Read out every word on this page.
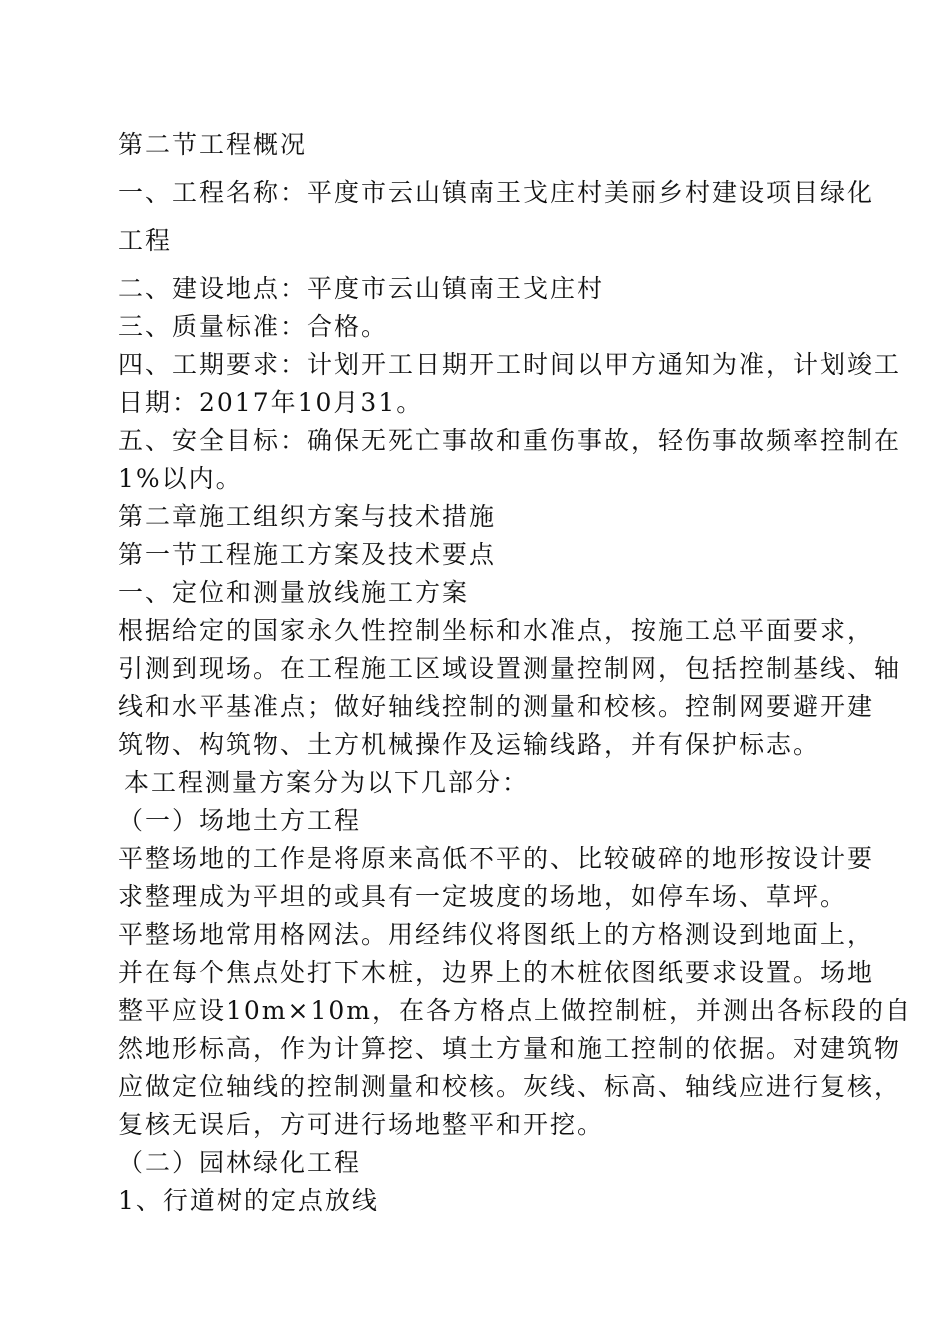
第二节工程概况
一、工程名称：平度市云山镇南王戈庄村美丽乡村建设项目绿化
工程
二、建设地点：平度市云山镇南王戈庄村
三、质量标准：合格。
四、工期要求：计划开工日期开工时间以甲方通知为准，计划竣工
日期：2017年10月31。
五、安全目标：确保无死亡事故和重伤事故，轻伤事故频率控制在
1%以内。
第二章施工组织方案与技术措施
第一节工程施工方案及技术要点
一、定位和测量放线施工方案
根据给定的国家永久性控制坐标和水准点，按施工总平面要求，
引测到现场。在工程施工区域设置测量控制网，包括控制基线、轴
线和水平基准点；做好轴线控制的测量和校核。控制网要避开建
筑物、构筑物、土方机械操作及运输线路，并有保护标志。
本工程测量方案分为以下几部分：
（一）场地土方工程
平整场地的工作是将原来高低不平的、比较破碎的地形按设计要
求整理成为平坦的或具有一定坡度的场地，如停车场、草坪。
平整场地常用格网法。用经纬仪将图纸上的方格测设到地面上，
并在每个焦点处打下木桩，边界上的木桩依图纸要求设置。场地
整平应设10m×10m，在各方格点上做控制桩，并测出各标段的自
然地形标高，作为计算挖、填土方量和施工控制的依据。对建筑物
应做定位轴线的控制测量和校核。灰线、标高、轴线应进行复核，
复核无误后，方可进行场地整平和开挖。
（二）园林绿化工程
1、行道树的定点放线
